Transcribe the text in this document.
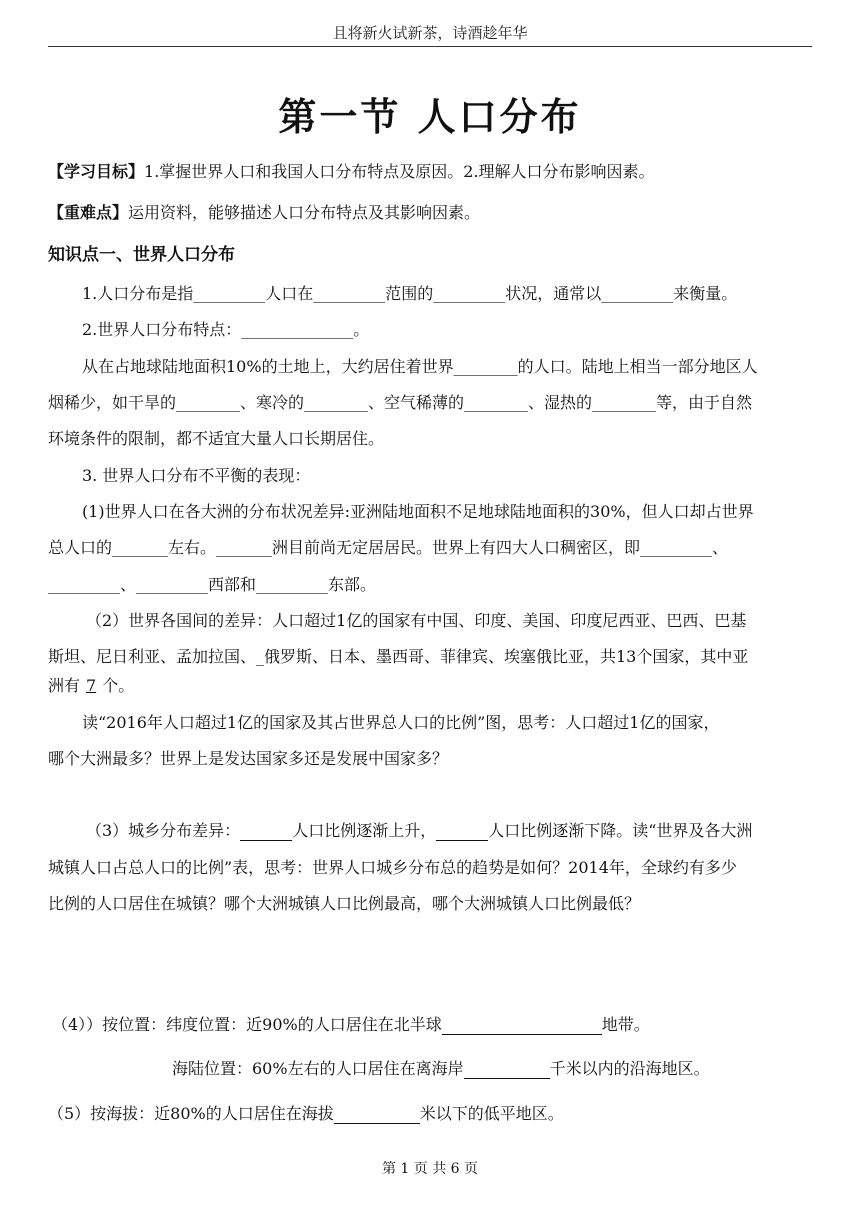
且将新火试新茶，诗酒趁年华
第一节 人口分布
【学习目标】1.掌握世界人口和我国人口分布特点及原因。2.理解人口分布影响因素。
【重难点】运用资料，能够描述人口分布特点及其影响因素。
知识点一、世界人口分布
1.人口分布是指_________人口在_________范围的_________状况，通常以_________来衡量。
2.世界人口分布特点：______________。
从在占地球陆地面积10%的土地上，大约居住着世界________的人口。陆地上相当一部分地区人
烟稀少，如干旱的________、寒冷的________、空气稀薄的________、湿热的________等，由于自然
环境条件的限制，都不适宜大量人口长期居住。
3. 世界人口分布不平衡的表现：
(1)世界人口在各大洲的分布状况差异:亚洲陆地面积不足地球陆地面积的30%，但人口却占世界
总人口的_______左右。_______洲目前尚无定居居民。世界上有四大人口稠密区，即_________、
_________、_________西部和_________东部。
（2）世界各国间的差异：人口超过1亿的国家有中国、印度、美国、印度尼西亚、巴西、巴基
斯坦、尼日利亚、孟加拉国、_俄罗斯、日本、墨西哥、菲律宾、埃塞俄比亚，共13个国家，其中亚
洲有 7 个。
读“2016年人口超过1亿的国家及其占世界总人口的比例”图，思考：人口超过1亿的国家，
哪个大洲最多？世界上是发达国家多还是发展中国家多？
（3）城乡分布差异：	人口比例逐渐上升，	人口比例逐渐下降。读“世界及各大洲
城镇人口占总人口的比例”表，思考：世界人口城乡分布总的趋势是如何？2014年，全球约有多少
比例的人口居住在城镇？哪个大洲城镇人口比例最高，哪个大洲城镇人口比例最低？
（4））按位置：纬度位置：近90%的人口居住在北半球	地带。
海陆位置：60%左右的人口居住在离海岸	千米以内的沿海地区。
（5）按海拔：近80%的人口居住在海拔	米以下的低平地区。
第 1 页 共 6 页
